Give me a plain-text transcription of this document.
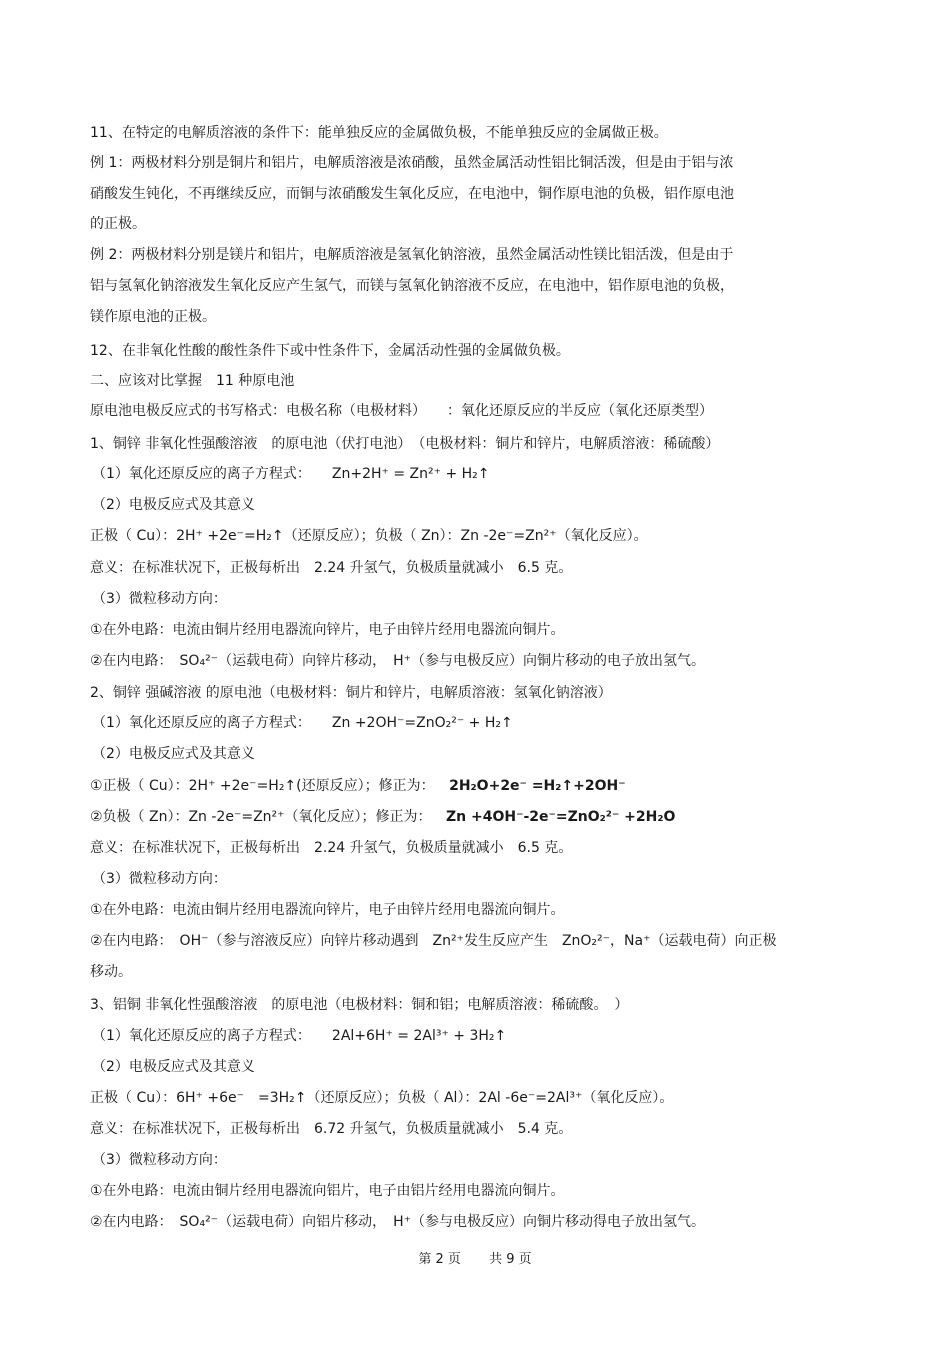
11、在特定的电解质溶液的条件下：能单独反应的金属做负极，不能单独反应的金属做正极。
例 1：两极材料分别是铜片和铝片，电解质溶液是浓硝酸，虽然金属活动性铝比铜活泼，但是由于铝与浓
硝酸发生钝化，不再继续反应，而铜与浓硝酸发生氧化反应，在电池中，铜作原电池的负极，铝作原电池
的正极。
例 2：两极材料分别是镁片和铝片，电解质溶液是氢氧化钠溶液，虽然金属活动性镁比铝活泼，但是由于
铝与氢氧化钠溶液发生氧化反应产生氢气，而镁与氢氧化钠溶液不反应，在电池中，铝作原电池的负极，
镁作原电池的正极。
12、在非氧化性酸的酸性条件下或中性条件下，金属活动性强的金属做负极。
二、应该对比掌握　11 种原电池
原电池电极反应式的书写格式：电极名称（电极材料）　　：氧化还原反应的半反应（氧化还原类型）
1、铜锌 非氧化性强酸溶液　的原电池（伏打电池）　（电极材料：铜片和锌片，电解质溶液：稀硫酸）
（1）氧化还原反应的离子方程式：　　Zn+2H⁺ = Zn²⁺ + H₂↑
（2）电极反应式及其意义
正极（ Cu）：2H⁺ +2e⁻=H₂↑（还原反应）；负极（ Zn）：Zn -2e⁻=Zn²⁺（氧化反应）。
意义：在标准状况下，正极每析出　2.24 升氢气，负极质量就减小　6.5 克。
（3）微粒移动方向：
①在外电路：电流由铜片经用电器流向锌片，电子由锌片经用电器流向铜片。
②在内电路：　SO₄²⁻（运载电荷）向锌片移动，　H⁺（参与电极反应）向铜片移动的电子放出氢气。
2、铜锌 强碱溶液 的原电池（电极材料：铜片和锌片，电解质溶液：氢氧化钠溶液）
（1）氧化还原反应的离子方程式：　　Zn +2OH⁻=ZnO₂²⁻ + H₂↑
（2）电极反应式及其意义
①正极（ Cu）：2H⁺ +2e⁻=H₂↑(还原反应）；修正为： 2H₂O+2e⁻ =H₂↑+2OH⁻
②负极（ Zn）：Zn -2e⁻=Zn²⁺（氧化反应）；修正为： Zn +4OH⁻-2e⁻=ZnO₂²⁻ +2H₂O
意义：在标准状况下，正极每析出　2.24 升氢气，负极质量就减小　6.5 克。
（3）微粒移动方向：
①在外电路：电流由铜片经用电器流向锌片，电子由锌片经用电器流向铜片。
②在内电路：　OH⁻（参与溶液反应）向锌片移动遇到　Zn²⁺发生反应产生　ZnO₂²⁻，Na⁺（运载电荷）向正极
移动。
3、铝铜 非氧化性强酸溶液　的原电池（电极材料：铜和铝；电解质溶液：稀硫酸。　）
（1）氧化还原反应的离子方程式：　　2Al+6H⁺ = 2Al³⁺ + 3H₂↑
（2）电极反应式及其意义
正极（ Cu）：6H⁺ +6e⁻　=3H₂↑（还原反应）；负极（ Al）：2Al -6e⁻=2Al³⁺（氧化反应）。
意义：在标准状况下，正极每析出　6.72 升氢气，负极质量就减小　5.4 克。
（3）微粒移动方向：
①在外电路：电流由铜片经用电器流向铝片，电子由铝片经用电器流向铜片。
②在内电路：　SO₄²⁻（运载电荷）向铝片移动，　H⁺（参与电极反应）向铜片移动得电子放出氢气。
第 2 页 共 9 页
